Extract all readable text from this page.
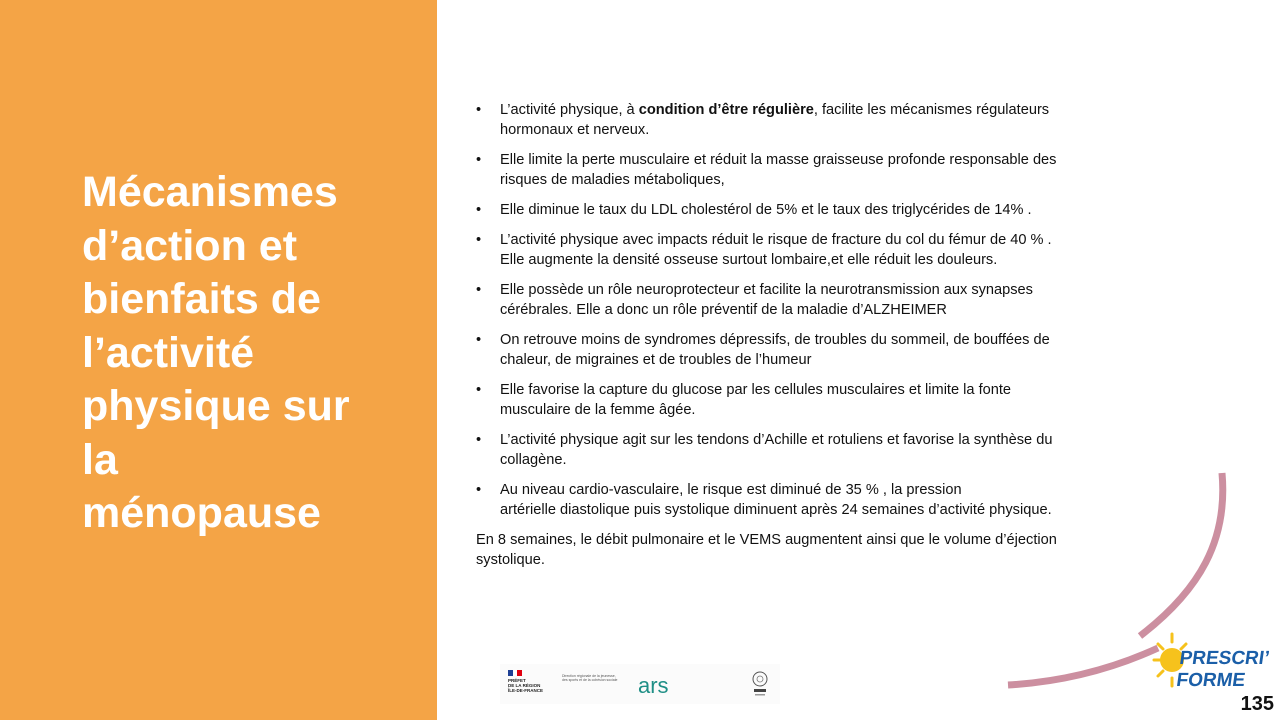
Mécanismes
d’action et
bienfaits de
l’activité
physique sur
la
ménopause
• L’activité physique, à condition d’être régulière, facilite les mécanismes régulateurs
hormonaux et nerveux.
• Elle limite la perte musculaire et réduit la masse graisseuse profonde responsable des
risques de maladies métaboliques,
• Elle diminue le taux du LDL cholestérol de 5% et le taux des triglycérides de 14% .
• L’activité physique avec impacts réduit le risque de fracture du col du fémur de 40 % .
Elle augmente la densité osseuse surtout lombaire,et elle réduit les douleurs.
• Elle possède un rôle neuroprotecteur et facilite la neurotransmission aux synapses
cérébrales. Elle a donc un rôle préventif de la maladie d’ALZHEIMER
• On retrouve moins de syndromes dépressifs, de troubles du sommeil, de bouffées de
chaleur, de migraines et de troubles de l’humeur
• Elle favorise la capture du glucose par les cellules musculaires et limite la fonte
musculaire de la femme âgée.
• L’activité physique agit sur les tendons d’Achille et rotuliens et favorise la synthèse du
collagène.
• Au niveau cardio-vasculaire, le risque est diminué de 35 % , la pression
artérielle diastolique puis systolique diminuent après 24 semaines d’activité physique.

En 8 semaines, le débit pulmonaire et le VEMS augmentent ainsi que le volume d’éjection
systolique.

PRÉFET
DE LA RÉGION
ÎLE-DE-FRANCE
Direction régionale de la jeunesse, des sports et de la cohésion sociale ars
PRESCRI’
FORME
135
